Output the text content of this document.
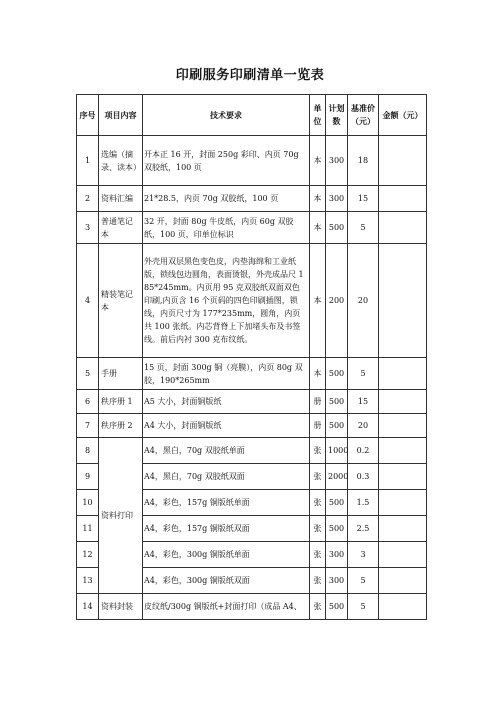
印刷服务印刷清单一览表
序号	项目内容	技术要求	单位	计划数	基准价（元）	金额（元）
1	选编（摘录、读本）	开本正 16 开，封面 250g 彩印、内页 70g 双胶纸，100 页	本	300	18	
2	资料汇编	21*28.5，内页 70g 双胶纸，100 页	本	300	15	
3	普通笔记本	32 开，封面 80g 牛皮纸，内页 60g 双胶纸，100 页，印单位标识	本	500	5	
4	精装笔记本	外壳用双层黑色变色皮，内垫海绵和工业纸版，锁线包边圆角，表面烫银，外壳成品尺 185*245mm。内页用 95 克双胶纸双面双色印刷,内页含 16 个页码的四色印刷插图，锁线，内页尺寸为 177*235mm，圆角，内页共 100 张纸。内芯背脊上下加堵头布及书签线。前后内衬 300 克布纹纸。	本	200	20	
5	手册	15 页，封面 300g 铜（亮膜），内页 80g 双胶，190*265mm	本	500	5	
6	秩序册 1	A5 大小，封面铜版纸	册	500	15	
7	秩序册 2	A4 大小，封面铜版纸	册	500	20	
8	资料打印	A4，黑白，70g 双胶纸单面	张	1000	0.2	
9		A4，黑白，70g 双胶纸双面	张	2000	0.3	
10		A4，彩色，157g 铜版纸单面	张	500	1.5	
11		A4，彩色，157g 铜版纸双面	张	500	2.5	
12		A4，彩色，300g 铜版纸单面	张	300	3	
13		A4，彩色，300g 铜版纸双面	张	300	5	
14	资料封装	皮纹纸/300g 铜版纸+封面打印（成品 A4、	张	500	5	
